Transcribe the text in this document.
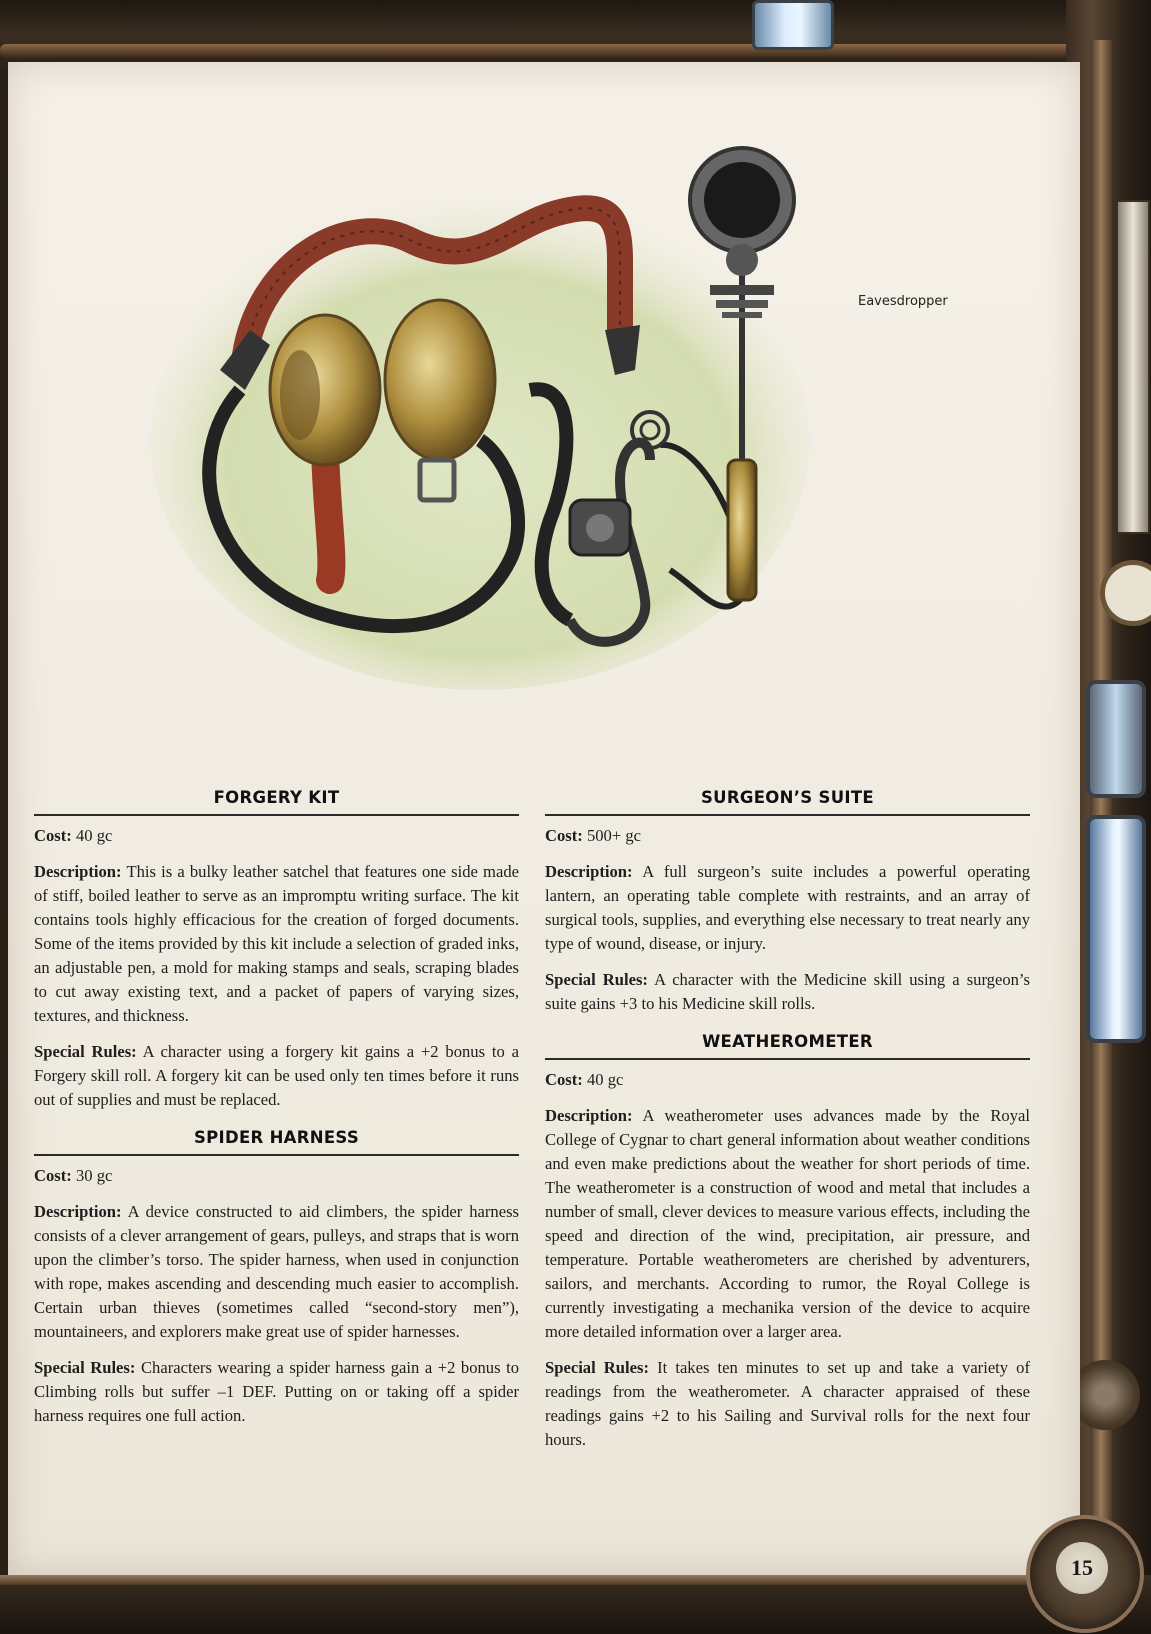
Eavesdropper
FORGERY KIT

Cost: 40 gc

Description: This is a bulky leather satchel that features one side made of stiff, boiled leather to serve as an impromptu writing surface. The kit contains tools highly efficacious for the creation of forged documents. Some of the items provided by this kit include a selection of graded inks, an adjustable pen, a mold for making stamps and seals, scraping blades to cut away existing text, and a packet of papers of varying sizes, textures, and thickness.

Special Rules: A character using a forgery kit gains a +2 bonus to a Forgery skill roll. A forgery kit can be used only ten times before it runs out of supplies and must be replaced.

SPIDER HARNESS

Cost: 30 gc

Description: A device constructed to aid climbers, the spider harness consists of a clever arrangement of gears, pulleys, and straps that is worn upon the climber’s torso. The spider harness, when used in conjunction with rope, makes ascending and descending much easier to accomplish. Certain urban thieves (sometimes called “second-story men”), mountaineers, and explorers make great use of spider harnesses.

Special Rules: Characters wearing a spider harness gain a +2 bonus to Climbing rolls but suffer –1 DEF. Putting on or taking off a spider harness requires one full action.

SURGEON’S SUITE

Cost: 500+ gc

Description: A full surgeon’s suite includes a powerful operating lantern, an operating table complete with restraints, and an array of surgical tools, supplies, and everything else necessary to treat nearly any type of wound, disease, or injury.

Special Rules: A character with the Medicine skill using a surgeon’s suite gains +3 to his Medicine skill rolls.

WEATHEROMETER

Cost: 40 gc

Description: A weatherometer uses advances made by the Royal College of Cygnar to chart general information about weather conditions and even make predictions about the weather for short periods of time. The weatherometer is a construction of wood and metal that includes a number of small, clever devices to measure various effects, including the speed and direction of the wind, precipitation, air pressure, and temperature. Portable weatherometers are cherished by adventurers, sailors, and merchants. According to rumor, the Royal College is currently investigating a mechanika version of the device to acquire more detailed information over a larger area.

Special Rules: It takes ten minutes to set up and take a variety of readings from the weatherometer. A character appraised of these readings gains +2 to his Sailing and Survival rolls for the next four hours.

15
